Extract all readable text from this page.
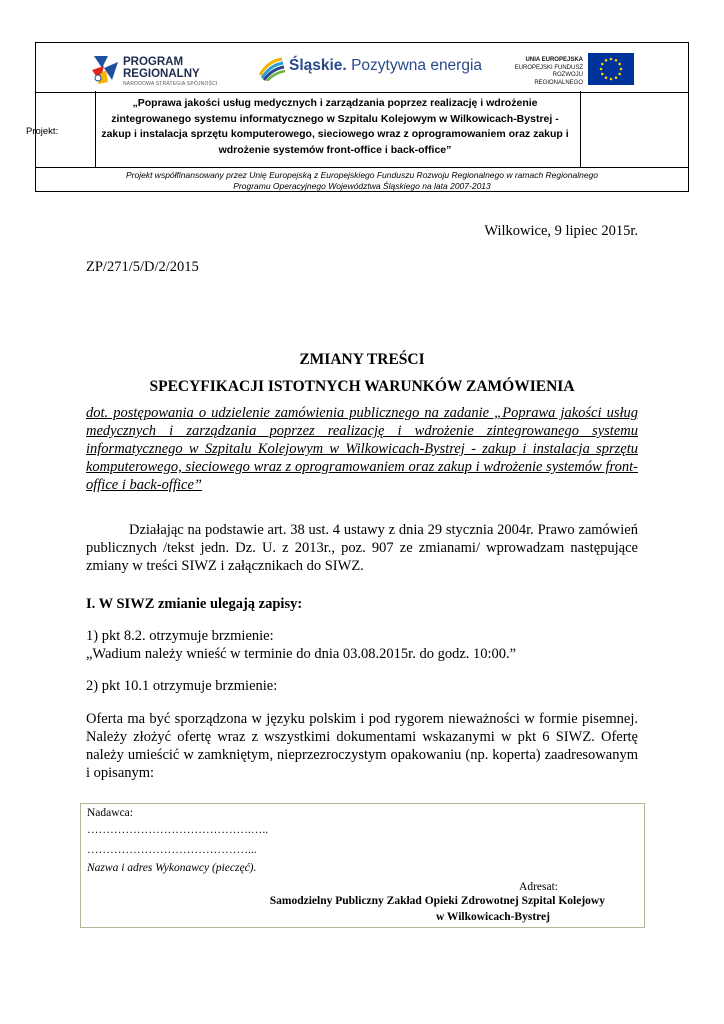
PROGRAM
REGIONALNY
NARODOWA STRATEGIA SPÓJNOŚCI
Śląskie. Pozytywna energia	UNIA EUROPEJSKA
EUROPEJSKI FUNDUSZ
ROZWOJU REGIONALNEGO
Projekt:
„Poprawa jakości usług medycznych i zarządzania poprzez realizację i wdrożenie zintegrowanego systemu informatycznego w Szpitalu Kolejowym w Wilkowicach-Bystrej - zakup i instalacja sprzętu komputerowego, sieciowego wraz z oprogramowaniem oraz zakup i wdrożenie systemów front-office i back-office”
Projekt współfinansowany przez Unię Europejską z Europejskiego Funduszu Rozwoju Regionalnego w ramach Regionalnego
Programu Operacyjnego Województwa Śląskiego na lata 2007-2013
Wilkowice, 9 lipiec 2015r.
ZP/271/5/D/2/2015
ZMIANY TREŚCI
SPECYFIKACJI ISTOTNYCH WARUNKÓW ZAMÓWIENIA
dot. postępowania o udzielenie zamówienia publicznego na zadanie „Poprawa jakości usług medycznych i zarządzania poprzez realizację i wdrożenie zintegrowanego systemu informatycznego w Szpitalu Kolejowym w Wilkowicach-Bystrej - zakup i instalacja sprzętu komputerowego, sieciowego wraz z oprogramowaniem oraz zakup i wdrożenie systemów front-office i back-office”
Działając na podstawie art. 38 ust. 4 ustawy z dnia 29 stycznia 2004r. Prawo zamówień publicznych /tekst jedn. Dz. U. z 2013r., poz. 907 ze zmianami/ wprowadzam następujące zmiany w treści SIWZ i załącznikach do SIWZ.
I. W SIWZ zmianie ulegają zapisy:
1) pkt 8.2. otrzymuje brzmienie:
„Wadium należy wnieść w terminie do dnia 03.08.2015r. do godz. 10:00.”
2) pkt 10.1 otrzymuje brzmienie:
Oferta ma być sporządzona w języku polskim i pod rygorem nieważności w formie pisemnej. Należy złożyć ofertę wraz z wszystkimi dokumentami wskazanymi w pkt 6 SIWZ. Ofertę należy umieścić w zamkniętym, nieprzezroczystym opakowaniu (np. koperta) zaadresowanym i opisanym:
Nadawca:
…………………………………….…..
……………………………………...
Nazwa i adres Wykonawcy (pieczęć).
Adresat:
Samodzielny Publiczny Zakład Opieki Zdrowotnej Szpital Kolejowy
w Wilkowicach-Bystrej
